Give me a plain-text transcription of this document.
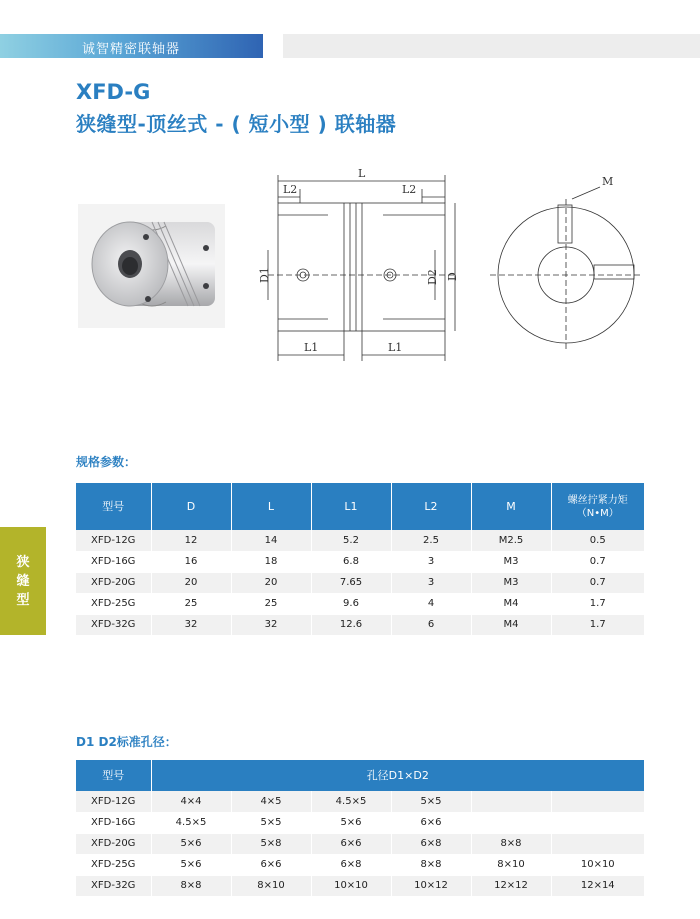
诚智精密联轴器
XFD-G
狭缝型-顶丝式 - ( 短小型 ) 联轴器
L
L2	L2
L1	L1
D1	D2 D
M
狭
缝
型
规格参数：
型号	D	L	L1	L2	M	螺丝拧紧力矩
（N•M）
XFD-12G	12	14	5.2	2.5	M2.5	0.5
XFD-16G	16	18	6.8	3	M3	0.7
XFD-20G	20	20	7.65	3	M3	0.7
XFD-25G	25	25	9.6	4	M4	1.7
XFD-32G	32	32	12.6	6	M4	1.7
D1 D2标准孔径：
型号	孔径D1×D2					
XFD-12G	4×4	4×5	4.5×5	5×5		
XFD-16G	4.5×5	5×5	5×6	6×6		
XFD-20G	5×6	5×8	6×6	6×8	8×8	
XFD-25G	5×6	6×6	6×8	8×8	8×10	10×10
XFD-32G	8×8	8×10	10×10	10×12	12×12	12×14
